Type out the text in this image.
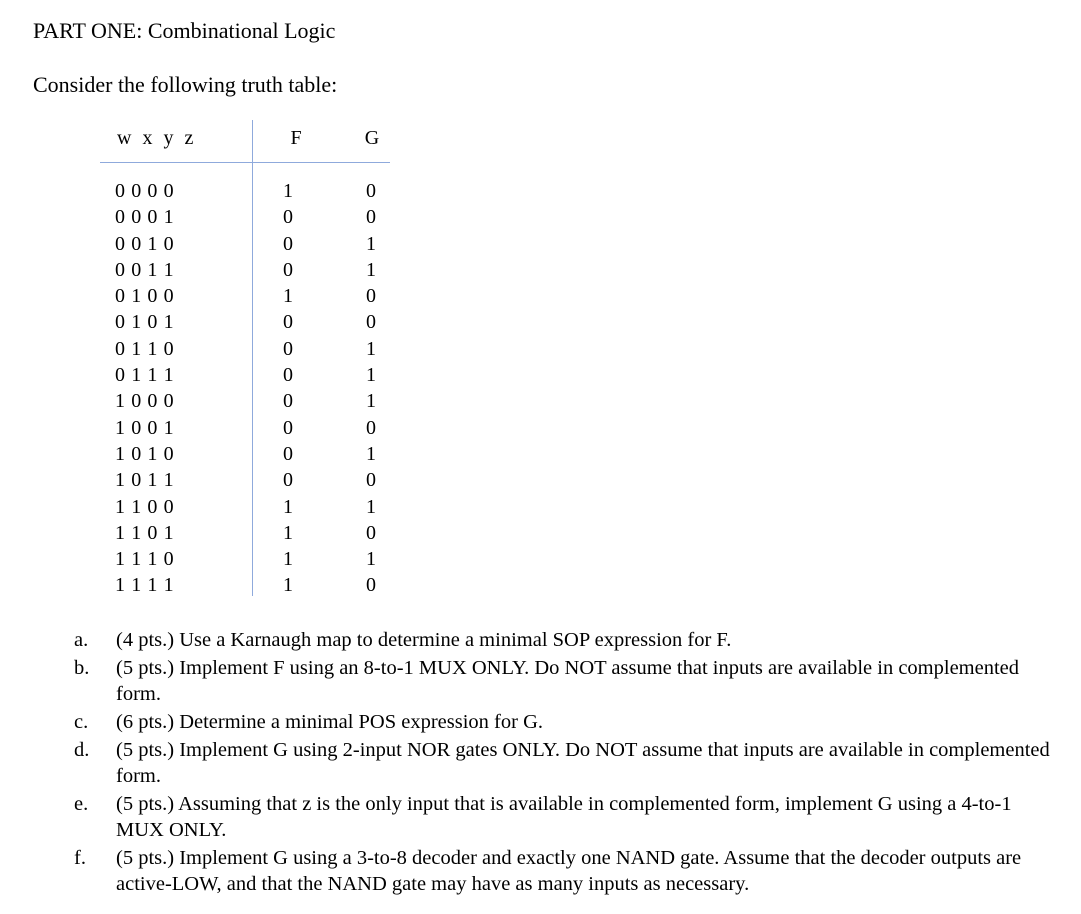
PART ONE: Combinational Logic
Consider the following truth table:
w x y z	F	G
0 0 0 0	1	0
0 0 0 1	0	0
0 0 1 0	0	1
0 0 1 1	0	1
0 1 0 0	1	0
0 1 0 1	0	0
0 1 1 0	0	1
0 1 1 1	0	1
1 0 0 0	0	1
1 0 0 1	0	0
1 0 1 0	0	1
1 0 1 1	0	0
1 1 0 0	1	1
1 1 0 1	1	0
1 1 1 0	1	1
1 1 1 1	1	0
a. (4 pts.) Use a Karnaugh map to determine a minimal SOP expression for F.
b. (5 pts.) Implement F using an 8-to-1 MUX ONLY. Do NOT assume that inputs are available in complemented form.
c. (6 pts.) Determine a minimal POS expression for G.
d. (5 pts.) Implement G using 2-input NOR gates ONLY. Do NOT assume that inputs are available in complemented form.
e. (5 pts.) Assuming that z is the only input that is available in complemented form, implement G using a 4-to-1 MUX ONLY.
f. (5 pts.) Implement G using a 3-to-8 decoder and exactly one NAND gate. Assume that the decoder outputs are active-LOW, and that the NAND gate may have as many inputs as necessary.
